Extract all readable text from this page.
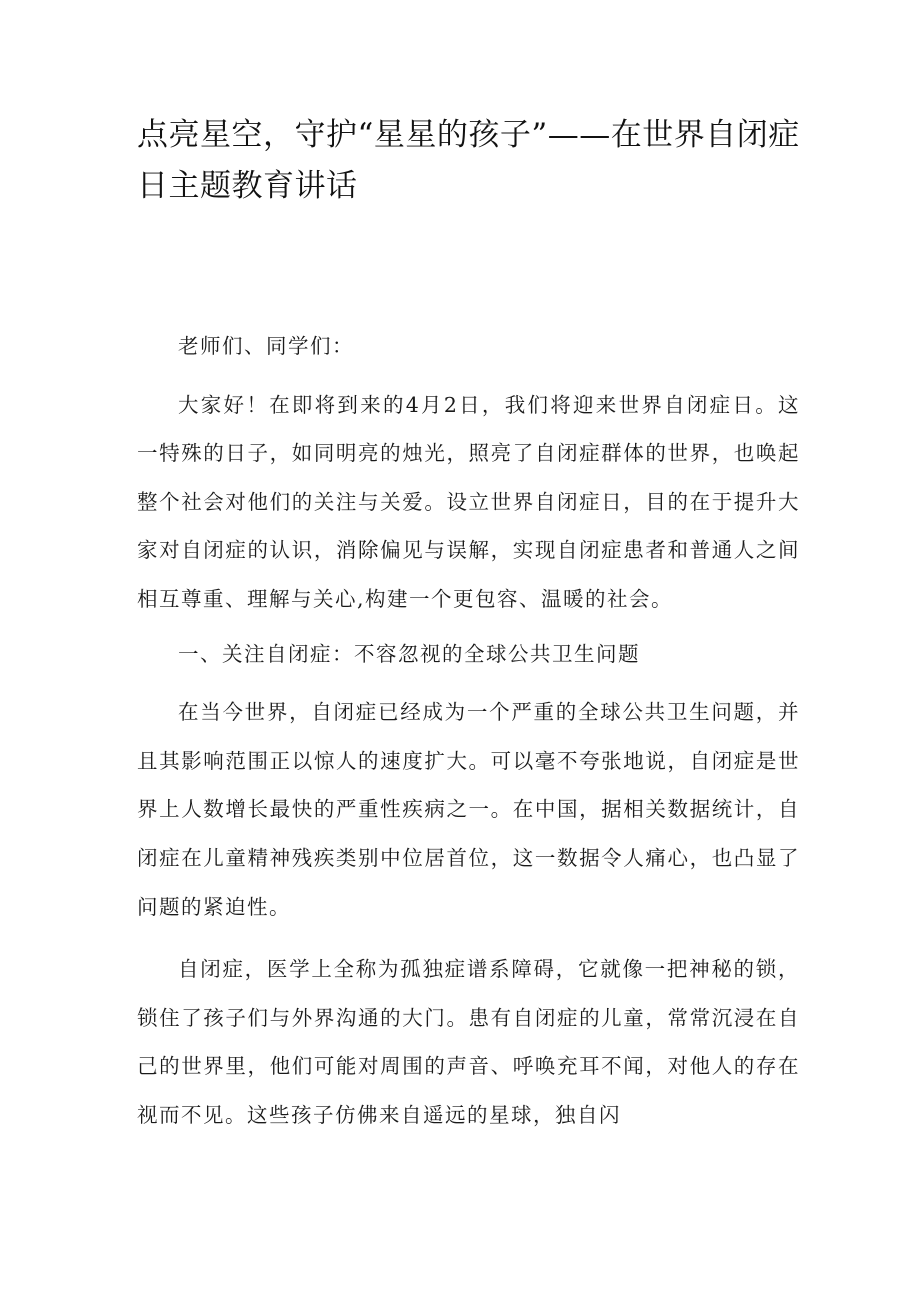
点亮星空，守护“星星的孩子”——在世界自闭症日主题教育讲话

老师们、同学们：

大家好！在即将到来的4月2日，我们将迎来世界自闭症日。这一特殊的日子，如同明亮的烛光，照亮了自闭症群体的世界，也唤起整个社会对他们的关注与关爱。设立世界自闭症日，目的在于提升大家对自闭症的认识，消除偏见与误解，实现自闭症患者和普通人之间相互尊重、理解与关心,构建一个更包容、温暖的社会。

一、关注自闭症：不容忽视的全球公共卫生问题

在当今世界，自闭症已经成为一个严重的全球公共卫生问题，并且其影响范围正以惊人的速度扩大。可以毫不夸张地说，自闭症是世界上人数增长最快的严重性疾病之一。在中国，据相关数据统计，自闭症在儿童精神残疾类别中位居首位，这一数据令人痛心，也凸显了问题的紧迫性。

自闭症，医学上全称为孤独症谱系障碍，它就像一把神秘的锁，锁住了孩子们与外界沟通的大门。患有自闭症的儿童，常常沉浸在自己的世界里，他们可能对周围的声音、呼唤充耳不闻，对他人的存在视而不见。这些孩子仿佛来自遥远的星球，独自闪
